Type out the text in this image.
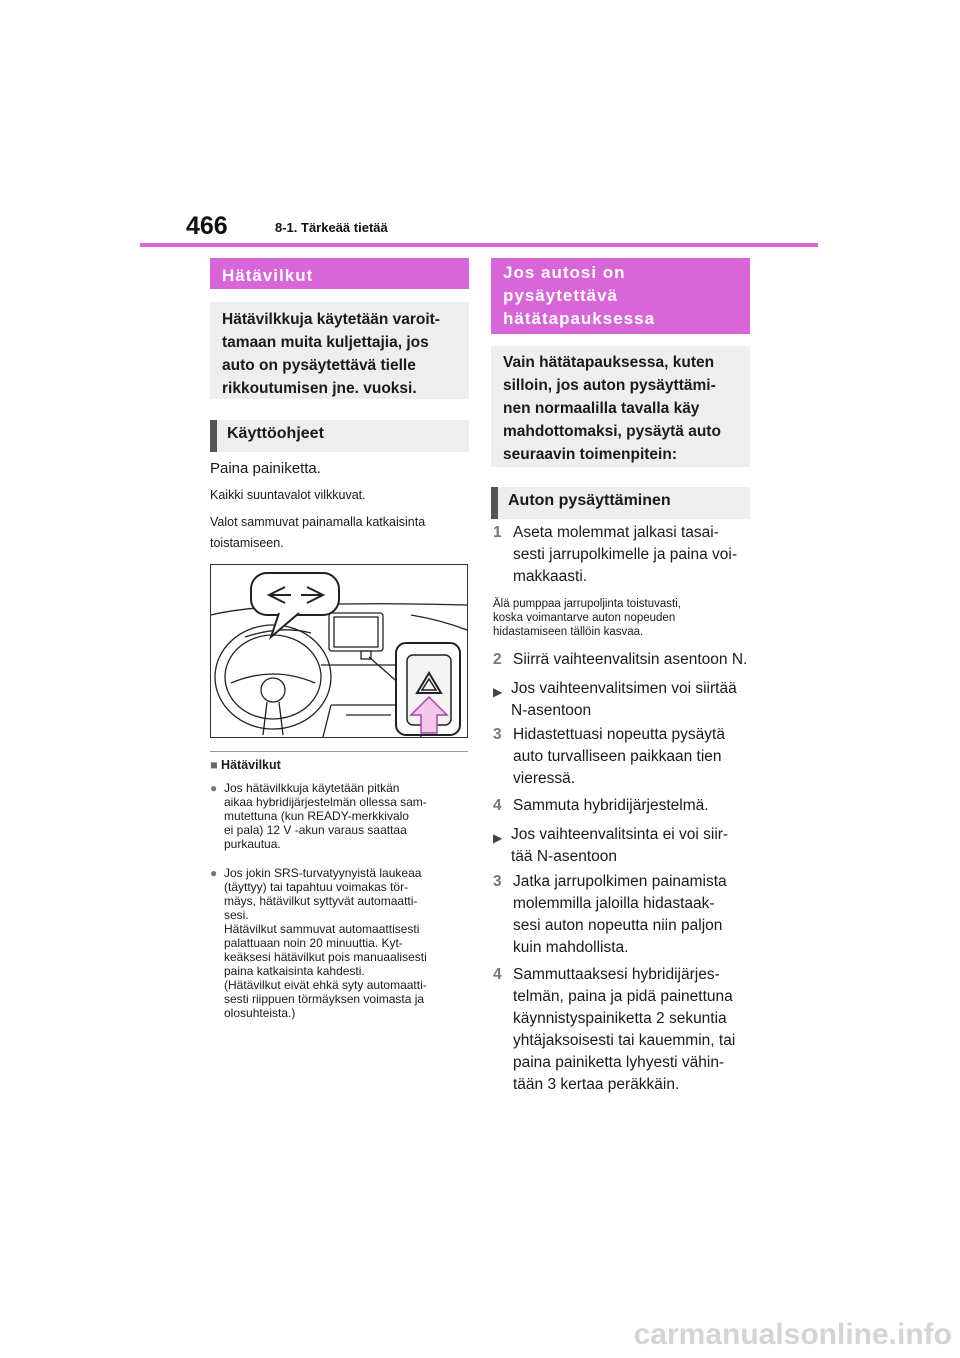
466	8-1. Tärkeää tietää
Hätävilkut
Hätävilkkuja käytetään varoit-
tamaan muita kuljettajia, jos
auto on pysäytettävä tielle
rikkoutumisen jne. vuoksi.
Käyttöohjeet
Paina painiketta.
Kaikki suuntavalot vilkkuvat.
Valot sammuvat painamalla katkaisinta
toistamiseen.
■ Hätävilkut
● Jos hätävilkkuja käytetään pitkän
aikaa hybridijärjestelmän ollessa sam-
mutettuna (kun READY-merkkivalo
ei pala) 12 V -akun varaus saattaa
purkautua.
● Jos jokin SRS-turvatyynyistä laukeaa
(täyttyy) tai tapahtuu voimakas tör-
mäys, hätävilkut syttyvät automaatti-
sesi.
Hätävilkut sammuvat automaattisesti
palattuaan noin 20 minuuttia. Kyt-
keäksesi hätävilkut pois manuaalisesti
paina katkaisinta kahdesti.
(Hätävilkut eivät ehkä syty automaatti-
sesti riippuen törmäyksen voimasta ja
olosuhteista.)
Jos autosi on
pysäytettävä
hätätapauksessa
Vain hätätapauksessa, kuten
silloin, jos auton pysäyttämi-
nen normaalilla tavalla käy
mahdottomaksi, pysäytä auto
seuraavin toimenpitein:
Auton pysäyttäminen
1 Aseta molemmat jalkasi tasai-
sesti jarrupolkimelle ja paina voi-
makkaasti.
Älä pumppaa jarrupoljinta toistuvasti,
koska voimantarve auton nopeuden
hidastamiseen tällöin kasvaa.
2 Siirrä vaihteenvalitsin asentoon N.
▶ Jos vaihteenvalitsimen voi siirtää
N-asentoon
3 Hidastettuasi nopeutta pysäytä
auto turvalliseen paikkaan tien
vieressä.
4 Sammuta hybridijärjestelmä.
▶ Jos vaihteenvalitsinta ei voi siir-
tää N-asentoon
3 Jatka jarrupolkimen painamista
molemmilla jaloilla hidastaak-
sesi auton nopeutta niin paljon
kuin mahdollista.
4 Sammuttaaksesi hybridijärjes-
telmän, paina ja pidä painettuna
käynnistyspainiketta 2 sekuntia
yhtäjaksoisesti tai kauemmin, tai
paina painiketta lyhyesti vähin-
tään 3 kertaa peräkkäin.
carmanualsonline.info
